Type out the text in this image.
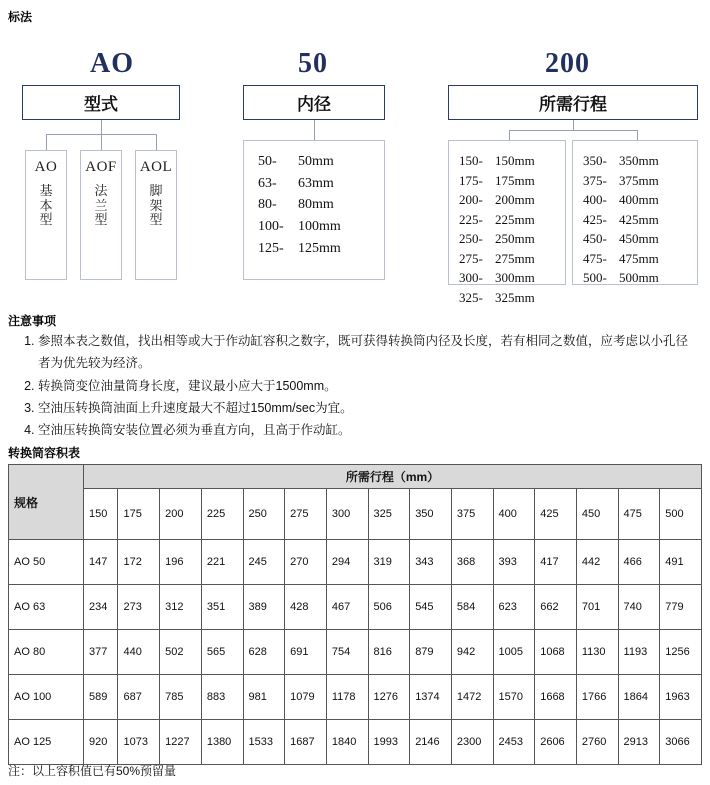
标法
AO	50	200
型式	内径	所需行程
AO
基本型
AOF
法兰型
AOL
脚架型
50-	50mm
63-	63mm
80-	80mm
100-	100mm
125-	125mm
150- 150mm
175- 175mm
200- 200mm
225- 225mm
250- 250mm
275- 275mm
300- 300mm
325- 325mm
350- 350mm
375- 375mm
400- 400mm
425- 425mm
450- 450mm
475- 475mm
500- 500mm
注意事项
1. 参照本表之数值，找出相等或大于作动缸容积之数字，既可获得转换筒内径及长度，若有相同之数值，应考虑以小孔径者为优先较为经济。
2. 转换筒变位油量筒身长度，建议最小应大于1500mm。
3. 空油压转换筒油面上升速度最大不超过150mm/sec为宜。
4. 空油压转换筒安装位置必须为垂直方向，且高于作动缸。
转换筒容积表
规格	所需行程（mm）														
	150	175	200	225	250	275	300	325	350	375	400	425	450	475	500
AO 50	147	172	196	221	245	270	294	319	343	368	393	417	442	466	491
AO 63	234	273	312	351	389	428	467	506	545	584	623	662	701	740	779
AO 80	377	440	502	565	628	691	754	816	879	942	1005	1068	1130	1193	1256
AO 100	589	687	785	883	981	1079	1178	1276	1374	1472	1570	1668	1766	1864	1963
AO 125	920	1073	1227	1380	1533	1687	1840	1993	2146	2300	2453	2606	2760	2913	3066
注：以上容积值已有50%预留量
